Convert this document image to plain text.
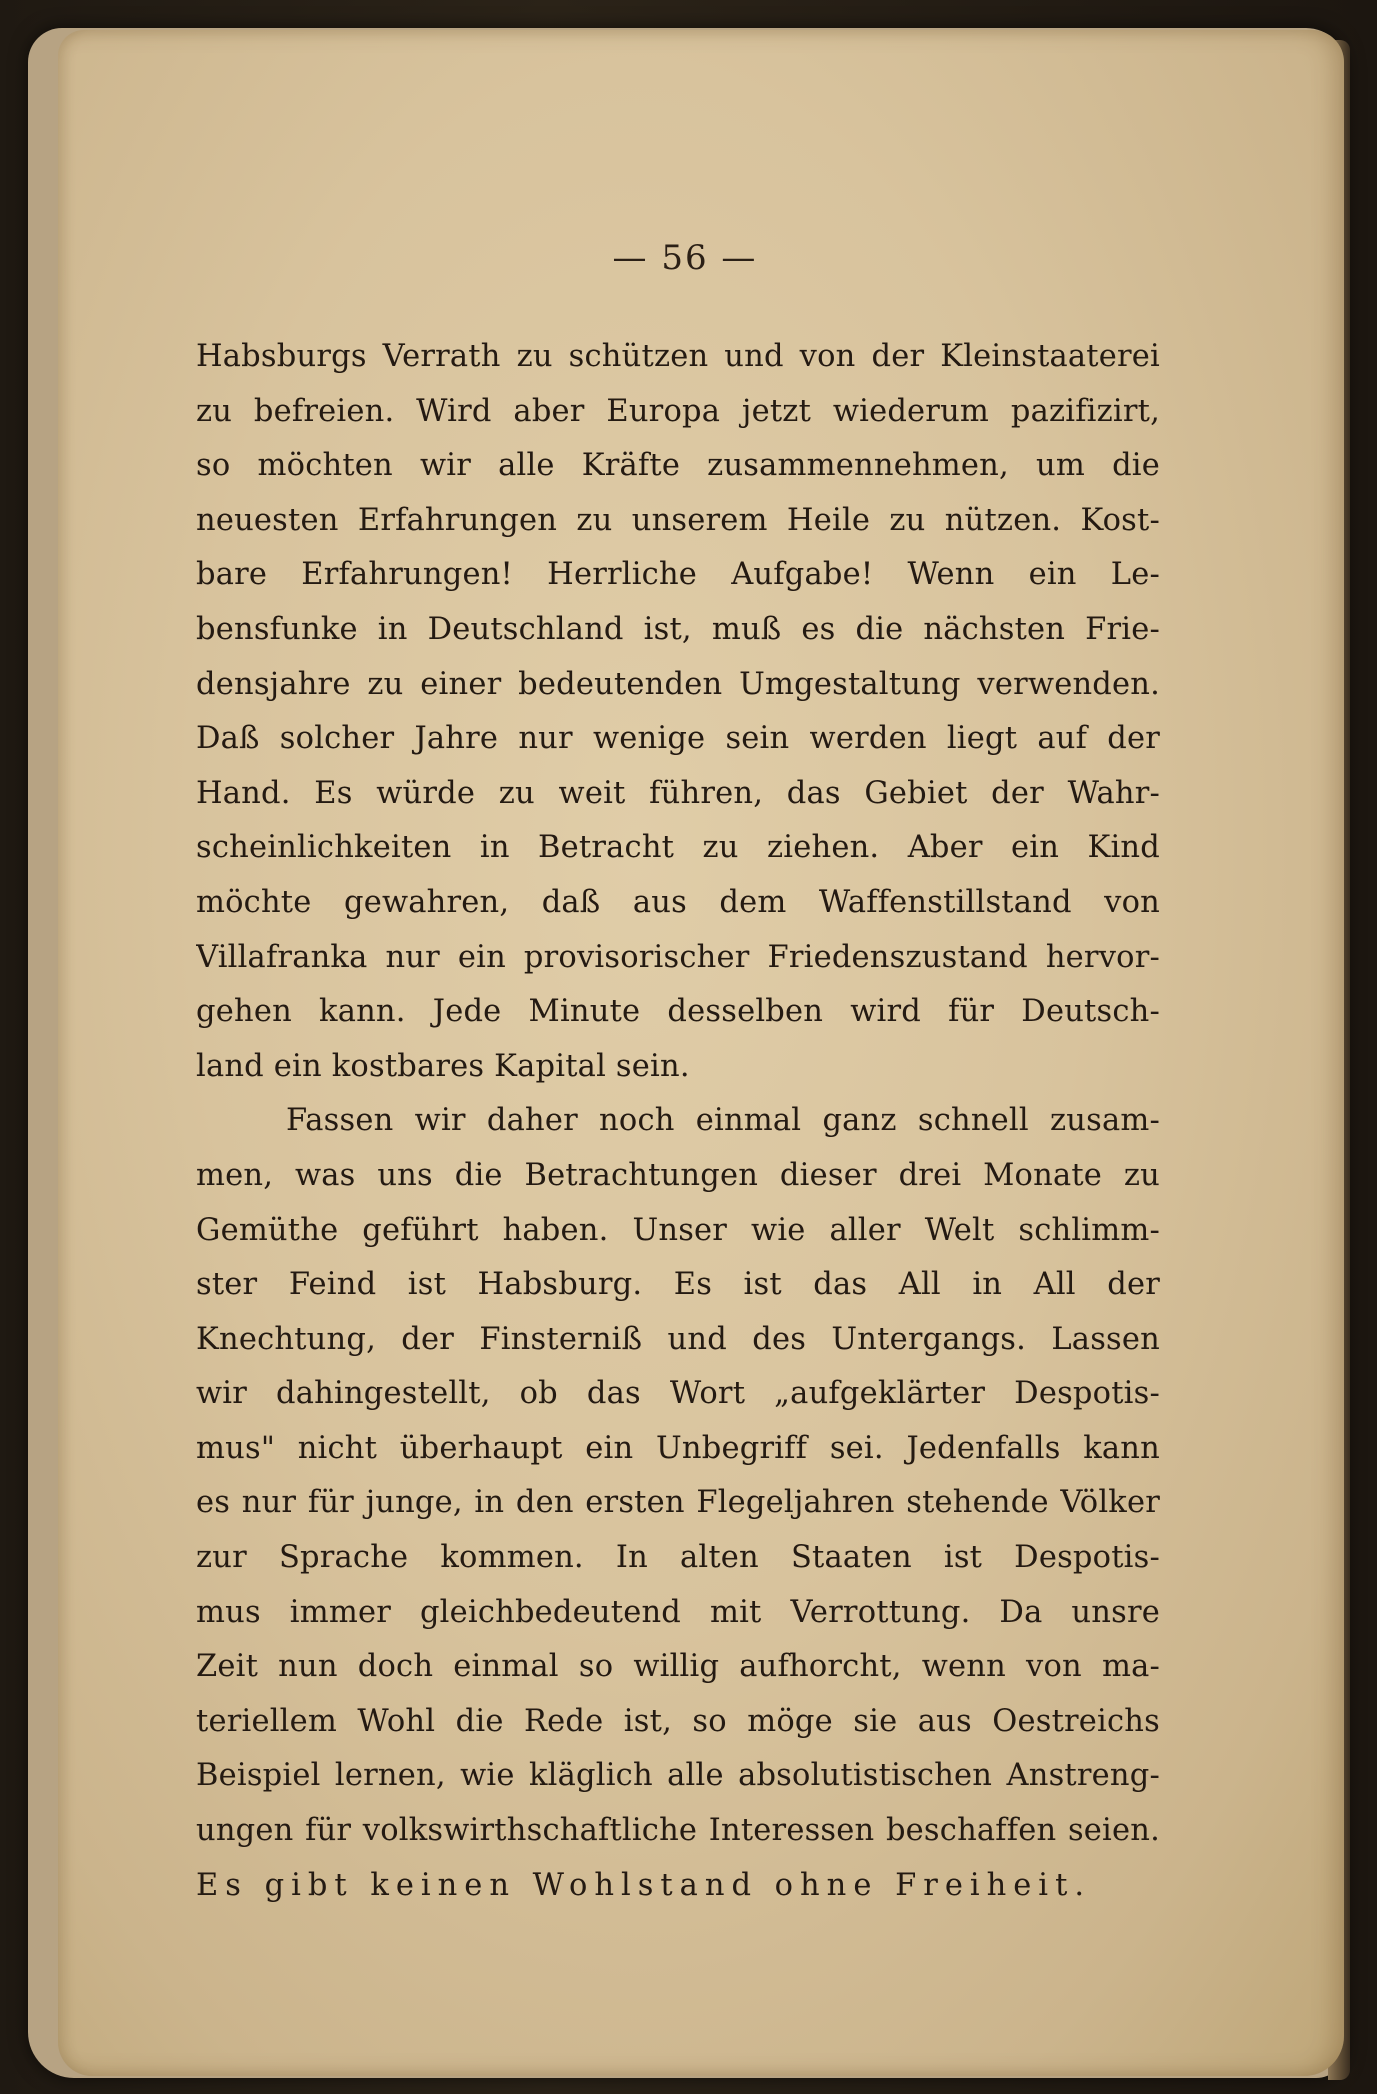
— 56 —
Habsburgs Verrath zu schützen und von der Kleinstaaterei
zu befreien. Wird aber Europa jetzt wiederum pazifizirt,
so möchten wir alle Kräfte zusammennehmen, um die
neuesten Erfahrungen zu unserem Heile zu nützen. Kost-
bare Erfahrungen! Herrliche Aufgabe! Wenn ein Le-
bensfunke in Deutschland ist, muß es die nächsten Frie-
densjahre zu einer bedeutenden Umgestaltung verwenden.
Daß solcher Jahre nur wenige sein werden liegt auf der
Hand. Es würde zu weit führen, das Gebiet der Wahr-
scheinlichkeiten in Betracht zu ziehen. Aber ein Kind
möchte gewahren, daß aus dem Waffenstillstand von
Villafranka nur ein provisorischer Friedenszustand hervor-
gehen kann. Jede Minute desselben wird für Deutsch-
land ein kostbares Kapital sein.
Fassen wir daher noch einmal ganz schnell zusam-
men, was uns die Betrachtungen dieser drei Monate zu
Gemüthe geführt haben. Unser wie aller Welt schlimm-
ster Feind ist Habsburg. Es ist das All in All der
Knechtung, der Finsterniß und des Untergangs. Lassen
wir dahingestellt, ob das Wort „aufgeklärter Despotis-
mus" nicht überhaupt ein Unbegriff sei. Jedenfalls kann
es nur für junge, in den ersten Flegeljahren stehende Völker
zur Sprache kommen. In alten Staaten ist Despotis-
mus immer gleichbedeutend mit Verrottung. Da unsre
Zeit nun doch einmal so willig aufhorcht, wenn von ma-
teriellem Wohl die Rede ist, so möge sie aus Oestreichs
Beispiel lernen, wie kläglich alle absolutistischen Anstreng-
ungen für volkswirthschaftliche Interessen beschaffen seien.
Es gibt keinen Wohlstand ohne Freiheit.
